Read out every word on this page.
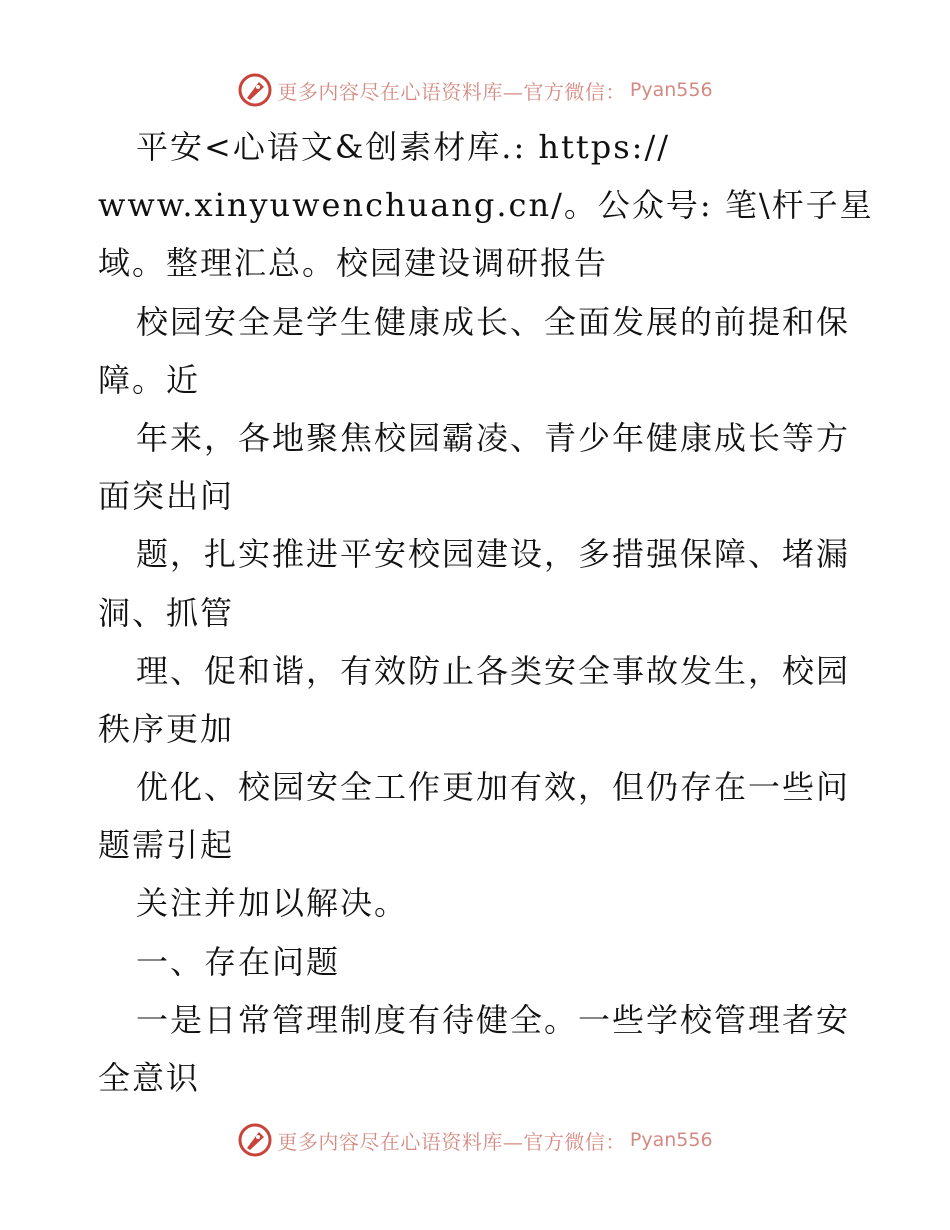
更多内容尽在心语资料库—官方微信： Pyan556
平安<心语文&创素材库.: https://
www.xinyuwenchuang.cn/。公众号: 笔\杆子星
域。整理汇总。校园建设调研报告
校园安全是学生健康成长、全面发展的前提和保
障。近
年来，各地聚焦校园霸凌、青少年健康成长等方
面突出问
题，扎实推进平安校园建设，多措强保障、堵漏
洞、抓管
理、促和谐，有效防止各类安全事故发生，校园
秩序更加
优化、校园安全工作更加有效，但仍存在一些问
题需引起
关注并加以解决。
一、存在问题
一是日常管理制度有待健全。一些学校管理者安
全意识
更多内容尽在心语资料库—官方微信： Pyan556
